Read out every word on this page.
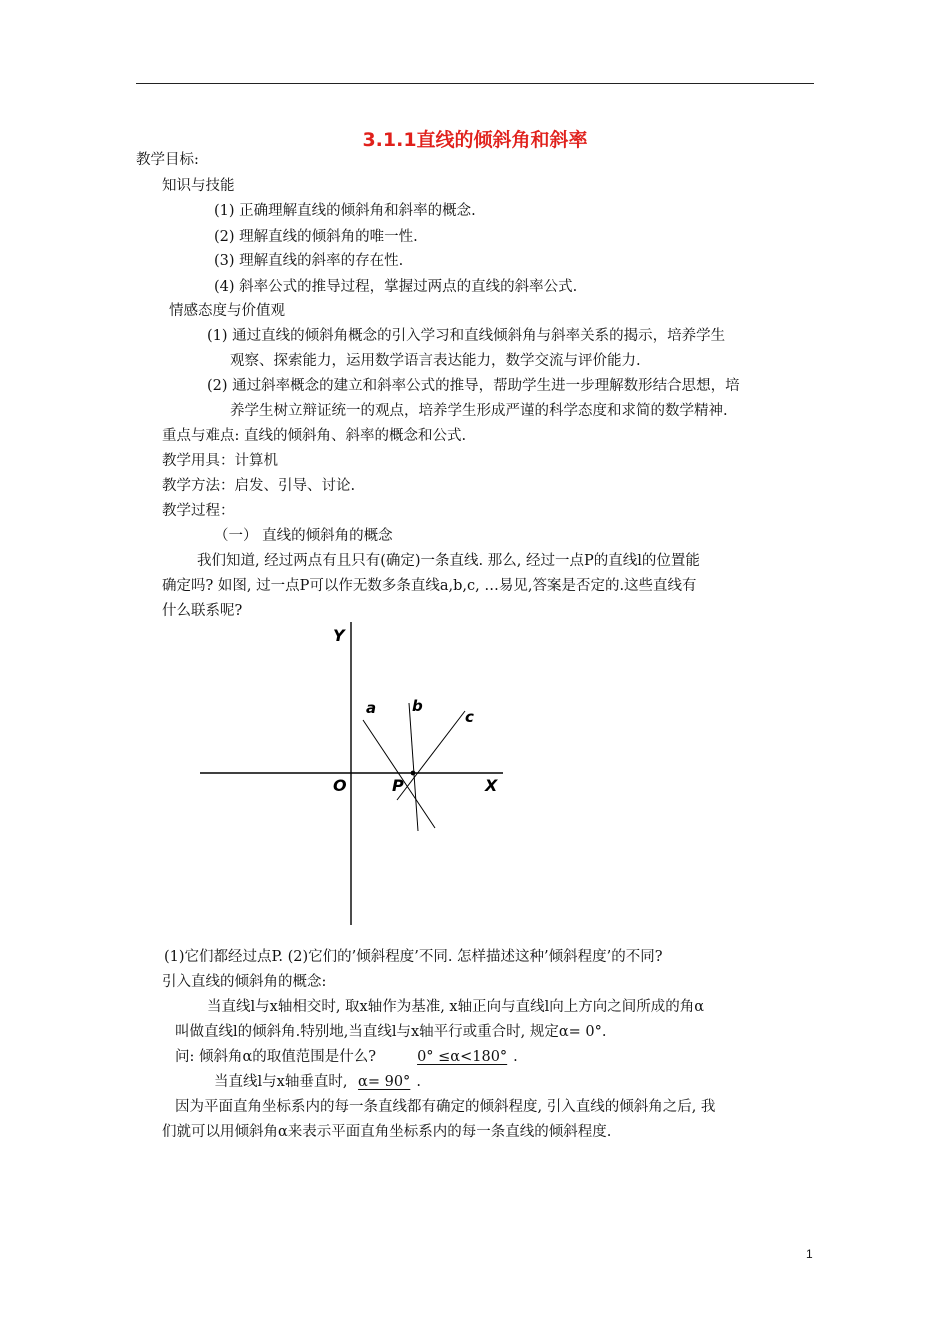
3.1.1直线的倾斜角和斜率
教学目标:
知识与技能
(1) 正确理解直线的倾斜角和斜率的概念.
(2) 理解直线的倾斜角的唯一性.
(3) 理解直线的斜率的存在性.
(4) 斜率公式的推导过程，掌握过两点的直线的斜率公式.
情感态度与价值观
(1) 通过直线的倾斜角概念的引入学习和直线倾斜角与斜率关系的揭示，培养学生
观察、探索能力，运用数学语言表达能力，数学交流与评价能力.
(2) 通过斜率概念的建立和斜率公式的推导，帮助学生进一步理解数形结合思想，培
养学生树立辩证统一的观点，培养学生形成严谨的科学态度和求简的数学精神.
重点与难点: 直线的倾斜角、斜率的概念和公式.
教学用具：计算机
教学方法：启发、引导、讨论.
教学过程：
（一） 直线的倾斜角的概念
我们知道, 经过两点有且只有(确定)一条直线. 那么, 经过一点P的直线l的位置能
确定吗? 如图, 过一点P可以作无数多条直线a,b,c, …易见,答案是否定的.这些直线有
什么联系呢?
Y
X
O	P
a b
c
(1)它们都经过点P. (2)它们的’倾斜程度’不同. 怎样描述这种’倾斜程度’的不同?
引入直线的倾斜角的概念:
当直线l与x轴相交时, 取x轴作为基准, x轴正向与直线l向上方向之间所成的角α
叫做直线l的倾斜角.特别地,当直线l与x轴平行或重合时, 规定α= 0°.
问: 倾斜角α的取值范围是什么?	0° ≤α<180° .
当直线l与x轴垂直时, α= 90° .
因为平面直角坐标系内的每一条直线都有确定的倾斜程度, 引入直线的倾斜角之后, 我
们就可以用倾斜角α来表示平面直角坐标系内的每一条直线的倾斜程度.
1
